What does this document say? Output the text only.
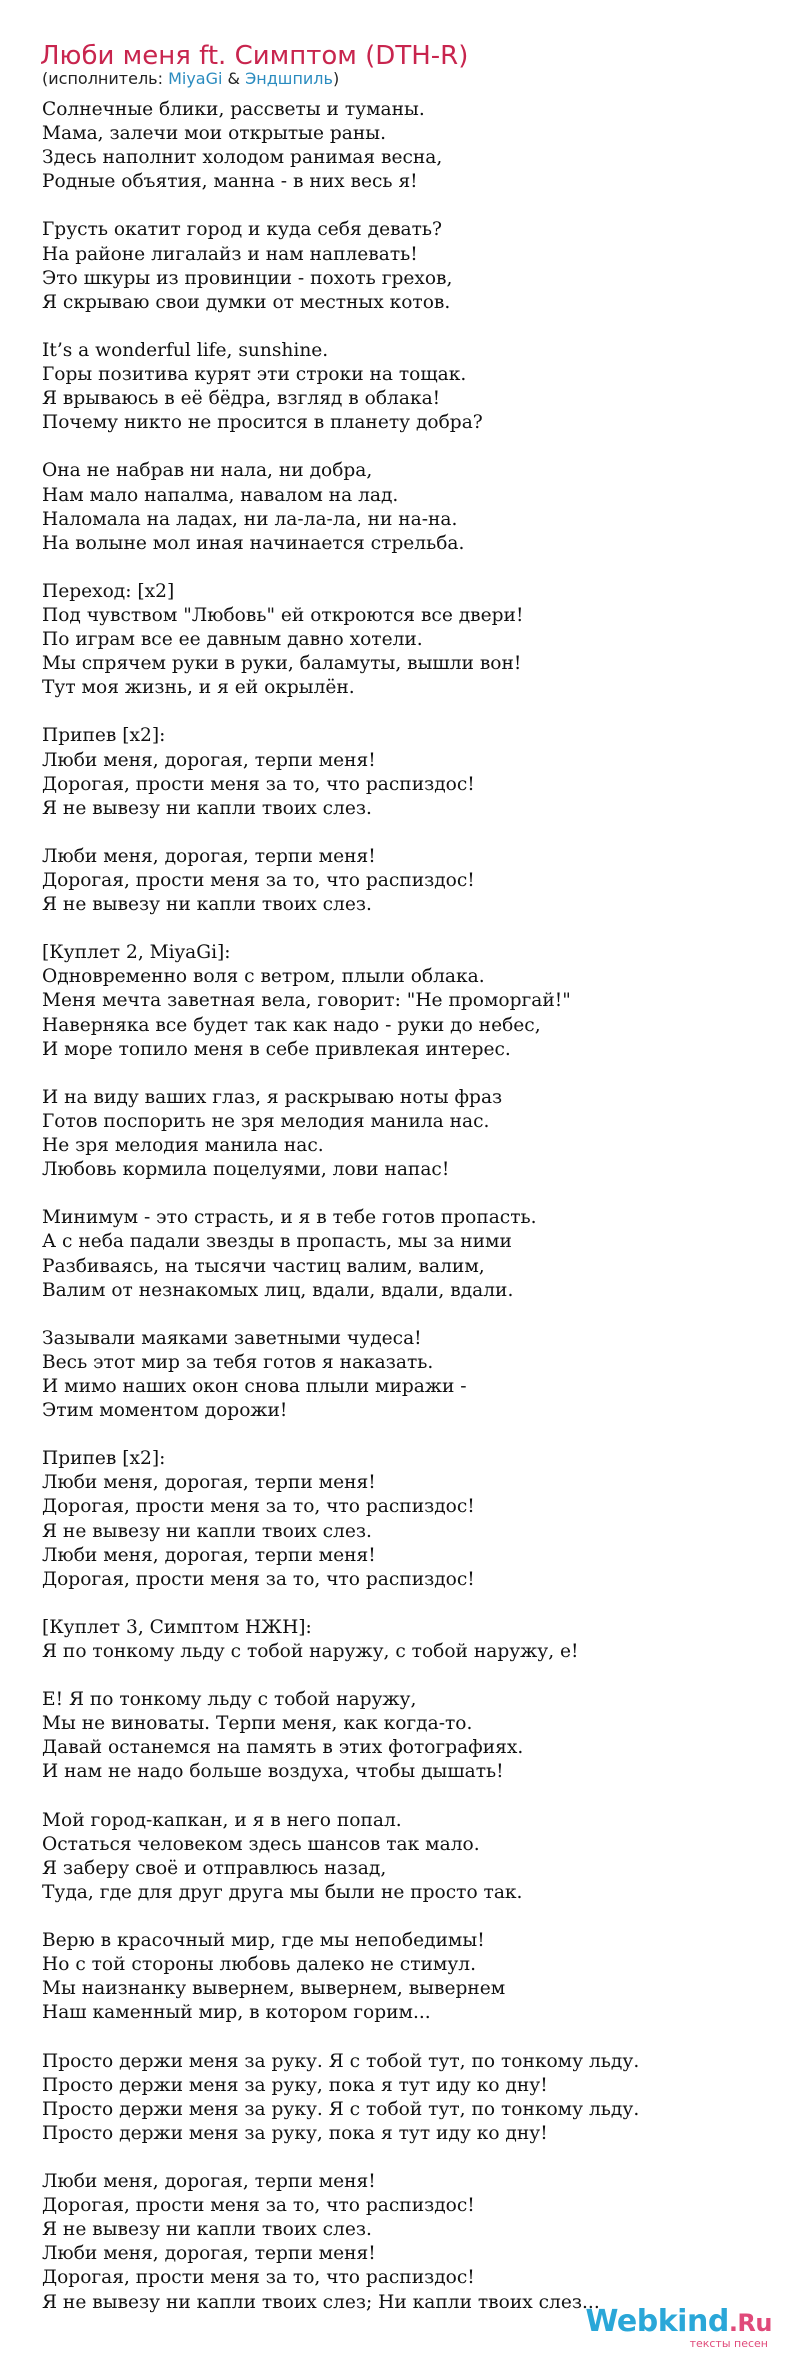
Люби меня ft. Симптом (DTH-R)
(исполнитель: MiyaGi & Эндшпиль)
Солнечные блики, рассветы и туманы.
Мама, залечи мои открытые раны.
Здесь наполнит холодом ранимая весна,
Родные объятия, манна - в них весь я!
Грусть окатит город и куда себя девать?
На районе лигалайз и нам наплевать!
Это шкуры из провинции - похоть грехов,
Я скрываю свои думки от местных котов.
It’s a wonderful life, sunshine.
Горы позитива курят эти строки на тощак.
Я врываюсь в её бёдра, взгляд в облака!
Почему никто не просится в планету добра?
Она не набрав ни нала, ни добра,
Нам мало напалма, навалом на лад.
Наломала на ладах, ни ла-ла-ла, ни на-на.
На волыне мол иная начинается стрельба.
Переход: [x2]
Под чувством "Любовь" ей откроются все двери!
По играм все ее давным давно хотели.
Мы спрячем руки в руки, баламуты, вышли вон!
Тут моя жизнь, и я ей окрылён.
Припев [x2]:
Люби меня, дорогая, терпи меня!
Дорогая, прости меня за то, что распиздос!
Я не вывезу ни капли твоих слез.
Люби меня, дорогая, терпи меня!
Дорогая, прости меня за то, что распиздос!
Я не вывезу ни капли твоих слез.
[Куплет 2, MiyaGi]:
Одновременно воля с ветром, плыли облака.
Меня мечта заветная вела, говорит: "Не проморгай!"
Наверняка все будет так как надо - руки до небес,
И море топило меня в себе привлекая интерес.
И на виду ваших глаз, я раскрываю ноты фраз
Готов поспорить не зря мелодия манила нас.
Не зря мелодия манила нас.
Любовь кормила поцелуями, лови напас!
Минимум - это страсть, и я в тебе готов пропасть.
А с неба падали звезды в пропасть, мы за ними
Разбиваясь, на тысячи частиц валим, валим,
Валим от незнакомых лиц, вдали, вдали, вдали.
Зазывали маяками заветными чудеса!
Весь этот мир за тебя готов я наказать.
И мимо наших окон снова плыли миражи -
Этим моментом дорожи!
Припев [x2]:
Люби меня, дорогая, терпи меня!
Дорогая, прости меня за то, что распиздос!
Я не вывезу ни капли твоих слез.
Люби меня, дорогая, терпи меня!
Дорогая, прости меня за то, что распиздос!
[Куплет 3, Симптом НЖН]:
Я по тонкому льду с тобой наружу, с тобой наружу, е!
Е! Я по тонкому льду с тобой наружу,
Мы не виноваты. Терпи меня, как когда-то.
Давай останемся на память в этих фотографиях.
И нам не надо больше воздуха, чтобы дышать!
Мой город-капкан, и я в него попал.
Остаться человеком здесь шансов так мало.
Я заберу своё и отправлюсь назад,
Туда, где для друг друга мы были не просто так.
Верю в красочный мир, где мы непобедимы!
Но с той стороны любовь далеко не стимул.
Мы наизнанку вывернем, вывернем, вывернем
Наш каменный мир, в котором горим...
Просто держи меня за руку. Я с тобой тут, по тонкому льду.
Просто держи меня за руку, пока я тут иду ко дну!
Просто держи меня за руку. Я с тобой тут, по тонкому льду.
Просто держи меня за руку, пока я тут иду ко дну!
Люби меня, дорогая, терпи меня!
Дорогая, прости меня за то, что распиздос!
Я не вывезу ни капли твоих слез.
Люби меня, дорогая, терпи меня!
Дорогая, прости меня за то, что распиздос!
Я не вывезу ни капли твоих слез; Ни капли твоих слез...
Webkind.Ru
тексты песен
